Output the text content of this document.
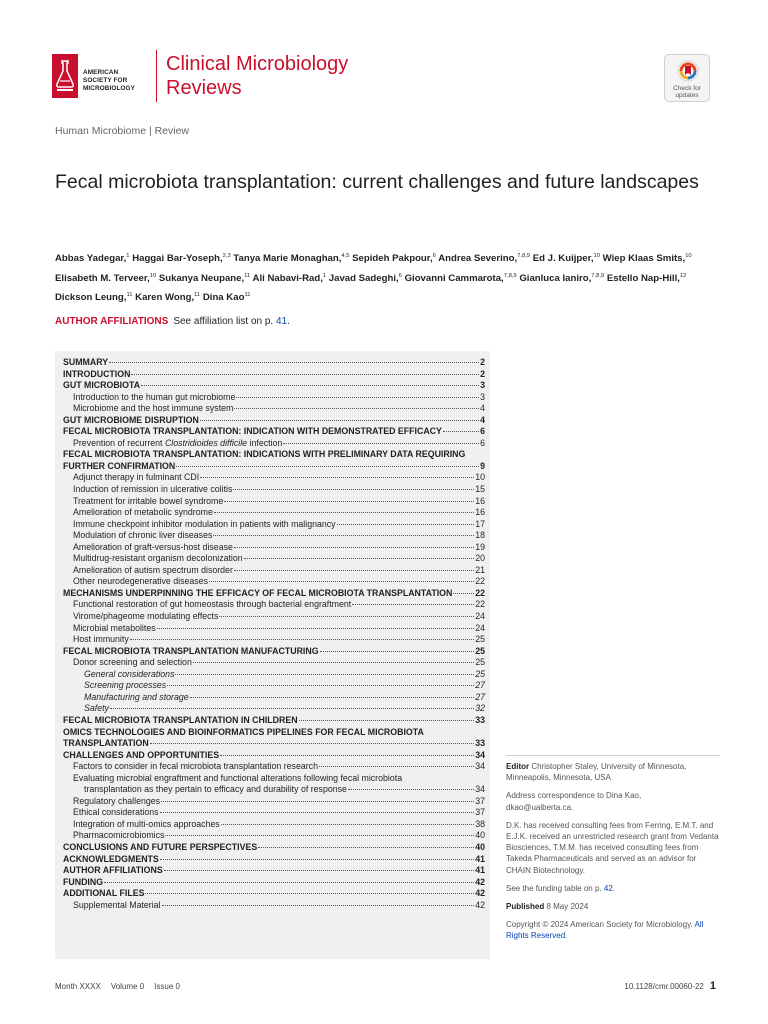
AMERICAN
SOCIETY FOR
MICROBIOLOGY
Clinical Microbiology
Reviews	Check for
updates
Human Microbiome | Review
Fecal microbiota transplantation: current challenges and future landscapes
Abbas Yadegar,$^1$ Haggai Bar-Yoseph,$^{2,3}$ Tanya Marie Monaghan,$^{4,5}$ Sepideh Pakpour,$^6$ Andrea Severino,$^{7,8,9}$ Ed J. Kuijper,$^{10}$ Wiep Klaas Smits,$^{10}$ Elisabeth M. Terveer,$^{10}$ Sukanya Neupane,$^{11}$ Ali Nabavi-Rad,$^1$ Javad Sadeghi,$^6$ Giovanni Cammarota,$^{7,8,9}$ Gianluca Ianiro,$^{7,8,9}$ Estello Nap-Hill,$^{12}$ Dickson Leung,$^{11}$ Karen Wong,$^{11}$ Dina Kao$^{11}$
AUTHOR AFFILIATIONS See affiliation list on p. 41.
SUMMARY	2
INTRODUCTION	2
GUT MICROBIOTA	3
Introduction to the human gut microbiome	3
Microbiome and the host immune system	4
GUT MICROBIOME DISRUPTION	4
FECAL MICROBIOTA TRANSPLANTATION: INDICATION WITH DEMONSTRATED EFFICACY	6
Prevention of recurrent Clostridioides difficile infection	6
FECAL MICROBIOTA TRANSPLANTATION: INDICATIONS WITH PRELIMINARY DATA REQUIRING
FURTHER CONFIRMATION	9
Adjunct therapy in fulminant CDI	10
Induction of remission in ulcerative colitis	15
Treatment for irritable bowel syndrome	16
Amelioration of metabolic syndrome	16
Immune checkpoint inhibitor modulation in patients with malignancy	17
Modulation of chronic liver diseases	18
Amelioration of graft-versus-host disease	19
Multidrug-resistant organism decolonization	20
Amelioration of autism spectrum disorder	21
Other neurodegenerative diseases	22
MECHANISMS UNDERPINNING THE EFFICACY OF FECAL MICROBIOTA TRANSPLANTATION	22
Functional restoration of gut homeostasis through bacterial engraftment	22
Virome/phageome modulating effects	24
Microbial metabolites	24
Host immunity	25
FECAL MICROBIOTA TRANSPLANTATION MANUFACTURING	25
Donor screening and selection	25
General considerations	25
Screening processes	27
Manufacturing and storage	27
Safety	32
FECAL MICROBIOTA TRANSPLANTATION IN CHILDREN	33
OMICS TECHNOLOGIES AND BIOINFORMATICS PIPELINES FOR FECAL MICROBIOTA
TRANSPLANTATION	33
CHALLENGES AND OPPORTUNITIES	34
Factors to consider in fecal microbiota transplantation research	34
Evaluating microbial engraftment and functional alterations following fecal microbiota
transplantation as they pertain to efficacy and durability of response	34
Regulatory challenges	37
Ethical considerations	37
Integration of multi-omics approaches	38
Pharmacomicrobiomics	40
CONCLUSIONS AND FUTURE PERSPECTIVES	40
ACKNOWLEDGMENTS	41
AUTHOR AFFILIATIONS	41
FUNDING	42
ADDITIONAL FILES	42
Supplemental Material	42

Editor Christopher Staley, University of Minnesota, Minneapolis, Minnesota, USA

Address correspondence to Dina Kao,
dkao@ualberta.ca.

D.K. has received consulting fees from Ferring, E.M.T. and E.J.K. received an unrestricted research grant from Vedanta Biosciences, T.M.M. has received consulting fees from Takeda Pharmaceuticals and served as an advisor for CHAIN Biotechnology.

See the funding table on p. 42.

Published 8 May 2024

Copyright © 2024 American Society for Microbiology. All Rights Reserved.

Month XXXX Volume 0 Issue 0	10.1128/cmr.00060-22 1
